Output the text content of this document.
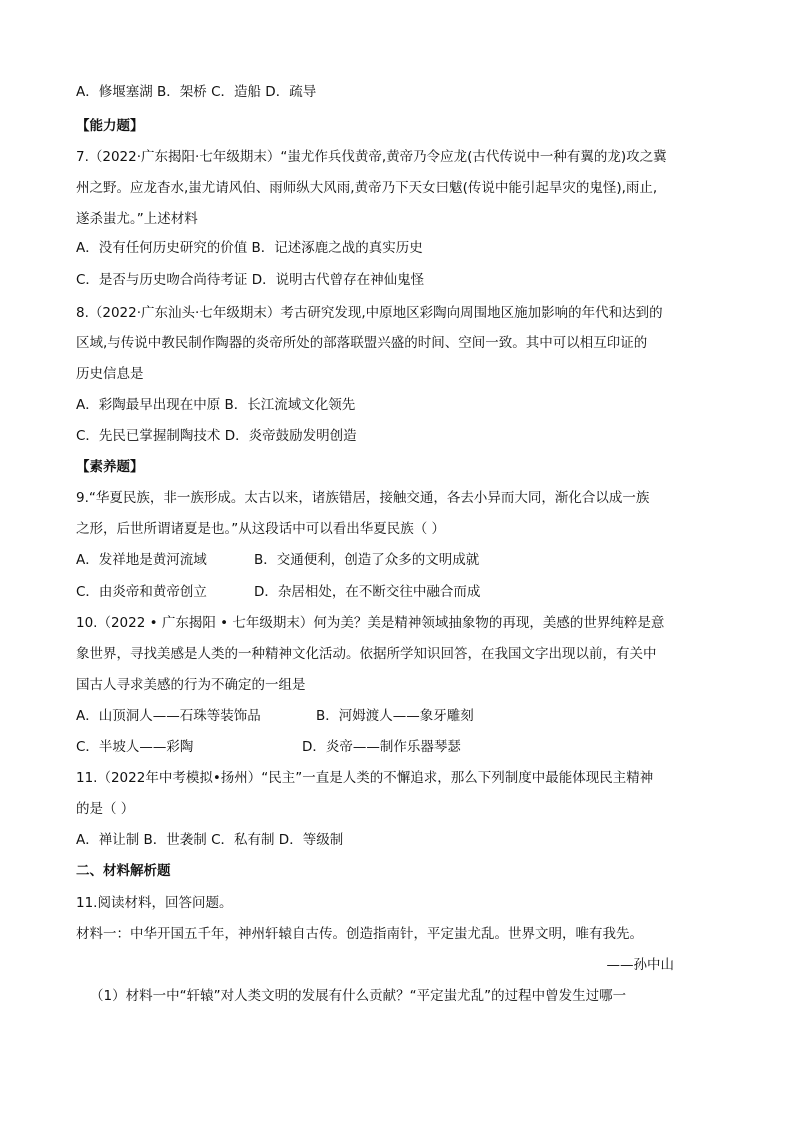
A．修堰塞湖 B．架桥 C．造船 D．疏导
【能力题】
7.（2022·广东揭阳·七年级期末）“蚩尤作兵伐黄帝,黄帝乃令应龙(古代传说中一种有翼的龙)攻之冀
州之野。应龙杳水,蚩尤请风伯、雨师纵大风雨,黄帝乃下天女曰魃(传说中能引起旱灾的鬼怪),雨止,
遂杀蚩尤。”上述材料
A．没有任何历史研究的价值 B．记述涿鹿之战的真实历史
C．是否与历史吻合尚待考证 D．说明古代曾存在神仙鬼怪
8.（2022·广东汕头·七年级期末）考古研究发现,中原地区彩陶向周围地区施加影响的年代和达到的
区域,与传说中教民制作陶器的炎帝所处的部落联盟兴盛的时间、空间一致。其中可以相互印证的
历史信息是
A．彩陶最早出现在中原 B．长江流域文化领先
C．先民已掌握制陶技术 D．炎帝鼓励发明创造
【素养题】
9.“华夏民族，非一族形成。太古以来，诸族错居，接触交通，各去小异而大同，渐化合以成一族
之形，后世所谓诸夏是也。”从这段话中可以看出华夏民族（ ）
A．发祥地是黄河流域	B．交通便利，创造了众多的文明成就
C．由炎帝和黄帝创立	D．杂居相处，在不断交往中融合而成
10.（2022 • 广东揭阳 • 七年级期末）何为美？美是精神领域抽象物的再现，美感的世界纯粹是意
象世界，寻找美感是人类的一种精神文化活动。依据所学知识回答，在我国文字出现以前，有关中
国古人寻求美感的行为不确定的一组是
A．山顶洞人——石珠等装饰品	B．河姆渡人——象牙雕刻
C．半坡人——彩陶	D．炎帝——制作乐器琴瑟
11.（2022年中考模拟•扬州）“民主”一直是人类的不懈追求，那么下列制度中最能体现民主精神
的是（ ）
A．禅让制 B．世袭制 C．私有制 D．等级制
二、材料解析题
11.阅读材料，回答问题。
材料一：中华开国五千年，神州轩辕自古传。创造指南针，平定蚩尤乱。世界文明，唯有我先。
——孙中山
（1）材料一中“轩辕”对人类文明的发展有什么贡献？“平定蚩尤乱”的过程中曾发生过哪一
